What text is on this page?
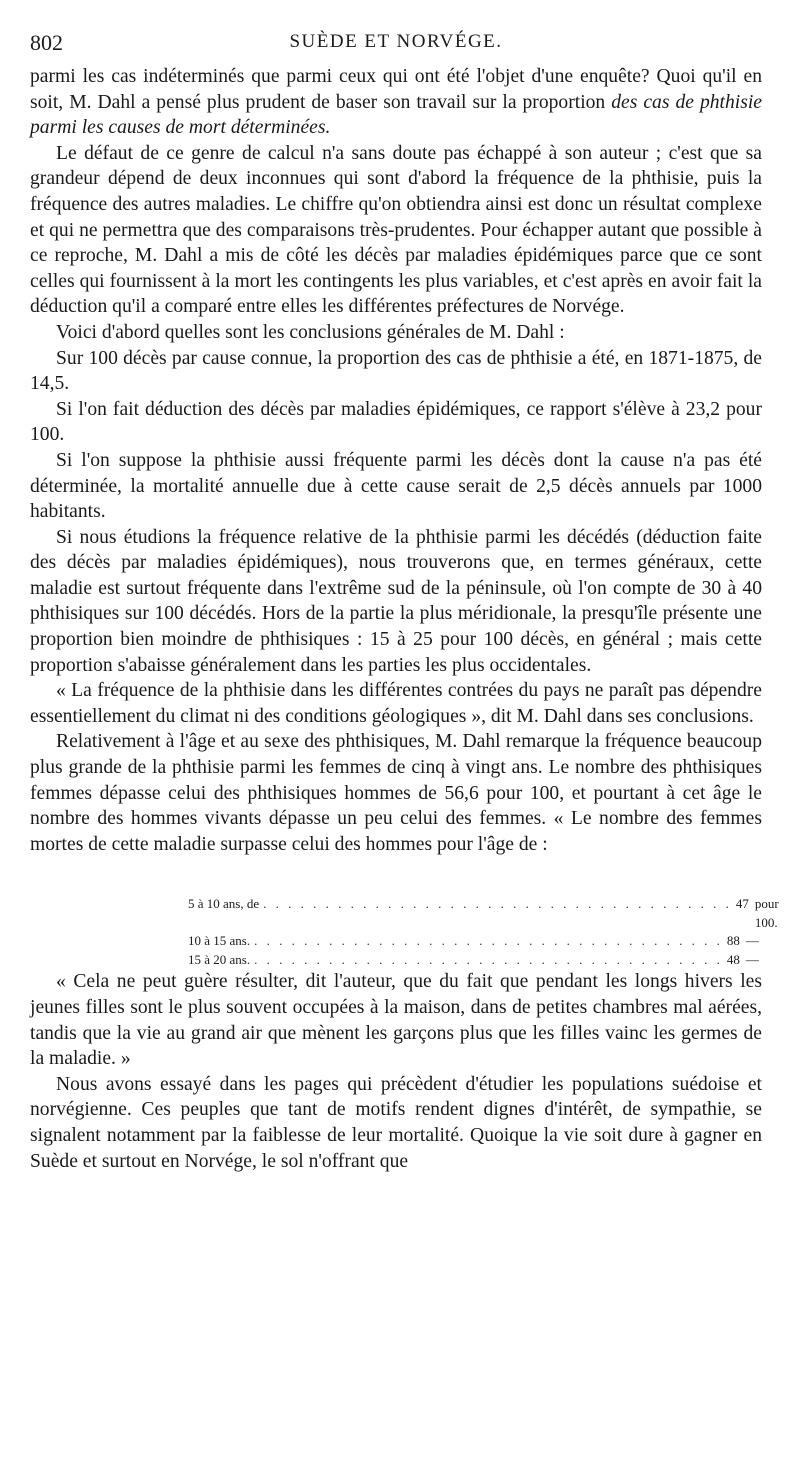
802	SUÈDE ET NORVÉGE.

parmi les cas indéterminés que parmi ceux qui ont été l'objet d'une enquête? Quoi qu'il en soit, M. Dahl a pensé plus prudent de baser son travail sur la proportion des cas de phthisie parmi les causes de mort déterminées.

Le défaut de ce genre de calcul n'a sans doute pas échappé à son auteur ; c'est que sa grandeur dépend de deux inconnues qui sont d'abord la fréquence de la phthisie, puis la fréquence des autres maladies. Le chiffre qu'on obtiendra ainsi est donc un résultat complexe et qui ne permettra que des comparaisons très-prudentes. Pour échapper autant que possible à ce reproche, M. Dahl a mis de côté les décès par maladies épidémiques parce que ce sont celles qui fournissent à la mort les contingents les plus variables, et c'est après en avoir fait la déduction qu'il a comparé entre elles les différentes préfectures de Norvége.

Voici d'abord quelles sont les conclusions générales de M. Dahl :

Sur 100 décès par cause connue, la proportion des cas de phthisie a été, en 1871-1875, de 14,5.

Si l'on fait déduction des décès par maladies épidémiques, ce rapport s'élève à 23,2 pour 100.

Si l'on suppose la phthisie aussi fréquente parmi les décès dont la cause n'a pas été déterminée, la mortalité annuelle due à cette cause serait de 2,5 décès annuels par 1000 habitants.

Si nous étudions la fréquence relative de la phthisie parmi les décédés (déduction faite des décès par maladies épidémiques), nous trouverons que, en termes généraux, cette maladie est surtout fréquente dans l'extrême sud de la péninsule, où l'on compte de 30 à 40 phthisiques sur 100 décédés. Hors de la partie la plus méridionale, la presqu'île présente une proportion bien moindre de phthisiques : 15 à 25 pour 100 décès, en général ; mais cette proportion s'abaisse généralement dans les parties les plus occidentales.

« La fréquence de la phthisie dans les différentes contrées du pays ne paraît pas dépendre essentiellement du climat ni des conditions géologiques », dit M. Dahl dans ses conclusions.

Relativement à l'âge et au sexe des phthisiques, M. Dahl remarque la fréquence beaucoup plus grande de la phthisie parmi les femmes de cinq à vingt ans. Le nombre des phthisiques femmes dépasse celui des phthisiques hommes de 56,6 pour 100, et pourtant à cet âge le nombre des hommes vivants dépasse un peu celui des femmes. « Le nombre des femmes mortes de cette maladie surpasse celui des hommes pour l'âge de :

5 à 10 ans, de . . . . . . . . . . . . . . . . . . . . . . . . . . . . . . . . . . . . . . 47 pour 100.
10 à 15 ans. . . . . . . . . . . . . . . . . . . . . . . . . . . . . . . . . . . . . . . 88 —
15 à 20 ans. . . . . . . . . . . . . . . . . . . . . . . . . . . . . . . . . . . . . . . 48 —

« Cela ne peut guère résulter, dit l'auteur, que du fait que pendant les longs hivers les jeunes filles sont le plus souvent occupées à la maison, dans de petites chambres mal aérées, tandis que la vie au grand air que mènent les garçons plus que les filles vainc les germes de la maladie. »

Nous avons essayé dans les pages qui précèdent d'étudier les populations suédoise et norvégienne. Ces peuples que tant de motifs rendent dignes d'intérêt, de sympathie, se signalent notamment par la faiblesse de leur mortalité. Quoique la vie soit dure à gagner en Suède et surtout en Norvége, le sol n'offrant que
